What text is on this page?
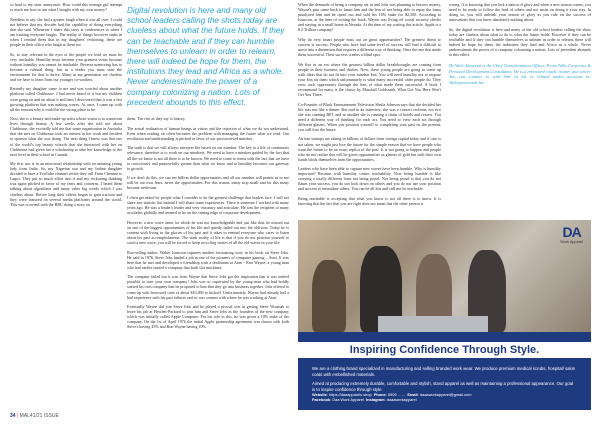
so hard to my utter annoyance. How could this teenage girl attempt to teach me how to use what I bought with my own money?

Needless to say, she had a greater laugh when it was all over. I could not believe that my decoder had the capability of doing everything that she said. Whenever I share this story at conferences or when I am training everyone laughs. The reality of things however sinks in when I remind them that in my daughters' reckoning, these are people in their office who laugh at them too.

So, to stay relevant in the eyes of the people we lead we must be very teachable. Humility must become your greatest virtue because without humility you cannot be teachable. Reverse mentoring has to become a cultural thing, but as a leader you must start the environment for that to thrive. Many in my generation are clueless and we have to learn from our younger co-workers.

Recently my daughter came to me and was worried about another platform called Clubhouse. I had never heard of it but my children were going on and on about it and then I discovered that it was a fast growing platform that was making waves. At once, I came up with all the reasons why it could be the wrong place to be.

Now, she is a beauty and make-up artist whose vision is to transform lives through beauty. A few weeks after she told me about Clubhouse, she excitedly told me that some organisation in Australia that she met on Clubhouse took an interest in her work and decided to sponsor what she was doing. The next thing I knew was that one of the world's top beauty schools that she interacted with her on Clubhouse had given her a scholarship to take her knowledge to the next level in their school in Canada.

My first son is in an interracial relationship with an amazing young lady from India. So, my Nigerian son and my Indian daughter decided to have a YouTube channel which they call From Chennai to Lagos. They put so much effort into it and my reckoning thinking was again pitched in favor of my fears and concerns. I heard them talking about algorithms and many other big words which I was clueless about. Before long their videos began to gain traction and they were featured on several media platforms around the world. This was crowned with the BBC doing a story on

Digital revolution is here and many old school leaders calling the shots today are clueless about what the future holds. If they can be teachable and if they can humble themselves to unlearn in order to relearn, there will indeed be hope for them, the institutions they lead and Africa as a whole. Never underestimate the power of a company colonizing a nation. Lots of precedent abounds to this effect.

them. The rest as they say is history.

The actual realisation of human beings in vision and the rejection of what we do not understand. Even when reading on often becomes the problem with managing the future what we read. Our revolution and understanding is pitched in favor of our preconceived mindset.

The truth is that we will always interpret life based on our mindset. The key to a life of continuous relevance, therefore is to work on our mindsets. We need to have a mindset guided by the fact that all the we know is not all there is to be known. We need to come to terms with the fact that we have to consciously and purposefully greater than what we know and to humility becomes our gateway to growth.

If we don't do this, we can see billion dollar opportunities and all our mindset will permit us to see will be our own fears, never the opportunities. For this reason, many stop small and for this many become irrelevant.

I often get asked by people what I consider to be the greatest challenge that leaders face. I will not share any statistic but instead I will share some experiences. There is someone I worked with many years ago. He was a leader's leader and very visionary and articulate. He was the recipient of many accolades globally and seemed to be on the cutting edge of corporate development.

However, a new wave came for which he was not knowledgeable and just like that, he missed out on one of the biggest opportunities of his life and quietly faded out into the oblivion. Today he is content with living in the glories of his past and it takes to remind everyone who cares to listen about his past accomplishments. The stark reality of life is that if you do not position yourself to catch a new wave, you will be forced to keep recycling stories of all the old waves in your life.

Box-selling author, Walter Isaacson captures another fascinating story in his book on Steve Jobs. He said in 1976, Steve Jobs landed a job at one of the pioneers of computer gaming – Atari. It was here that he met and developed a friendship with a draftsman at Atari - Ron Wayne, a young man who had earlier started a company that built slot machines.

The company failed but it was from Wayne that Steve Jobs got the inspiration that it was indeed possible to start your own company! Jobs was so captivated by the young man who had boldly started his own company that he proposed to him that they go into business together. Jobs offered to come up with borrowed cash of about $10,000 to kickoff. Unfortunately, Wayne had already had a bad experience with his past failures and so was content with where he was working at Atari.

Eventually Wayne did join Steve Jobs and he played a pivotal role in getting Steve Wozniak to leave his job at Hewlett-Packard to join him and Steve Jobs as the founders of the new company which was initially called Apple Computer. For his role in this, he was given a 10% stake of the company. On the 1st of April 1976 the initial Apple partnership agreement was drawn with both Steve's having 45% and Ron Wayne having 10%.

When the demands of being a company set in and Jobs was planning to borrow money, Wayne's past came back to haunt him and the fear of not being able to repay the loans paralyzed him and he opted out and sold his 10% stake for $2,300. According to Isaacson, at the time of writing the book, Wayne was living off social security checks and staying in a small home in Nevada. At the time of my writing this article, Apple is a $ 2 Trillion company!

Why do very smart people miss out on great opportunities? The greatest threat to success is success. People who have had some level of success will find it difficult to move into a dimension that requires a different way of thinking. Once the one that made them successful. Their success creates a blind spot.

We live in an era where the greatest billion dollar breakthroughs are coming from people in their twenties and thirties. Now, these young people are going to come up with ideas that do not fit into your mindset box. You will need humility not to impose your box on them which unfortunately is what many successful older people do. They view such opportunity through the lens of what made them successful. A book I recommend for many is the classic by Marshall Goldsmith, What Got You Here Won't Get You There.

Co-Founder of Black Entertainment Television Sheila Johnson says that she decided her life was not like a dinner. She said in an interview, she was a concert violinist, not two she was running BET and in another she is running a chain of hotels and resorts. You need a different way of thinking for each act. You need to view each act through different glasses. When you position yourself to completing your past on the present, you will lose the future.

African startups are raking in billions of dollars from foreign capital today and if care is not taken, we might just lose the future for the simple reason that we have people who want the future to be an exact replica of the past. It is not going to happen and people who do not realise this will be given opportunities as glasses of gold but with their own hands block themselves from the opportunities.

Leaders who have been able to capture new waves have been humble. Why is humility important? Because with humility comes teachability. Now being humble is like carrying a totally different form not being proud. Not being proud is that you do not flaunt your success, you do not look down on others and you do not use your position and success to intimidate others. You can be all this and still not be teachable.

Being teachable is accepting that what you know is not all there is to know. It is knowing that the fact that you are right does not mean that the other person is

wrong. It is knowing that you lack a nation of glory and when a new season comes, you need to be ready to follow the lead of others and not insist on doing it your way. In doing so, you will unleash your season of glory as you ride on the success of innovations that you knew absolutely nothing about.

So, the digital revolution is here and many of the old school leaders calling the shots today are clueless about what to do to what the future holds. However if they can be teachable and if they can humble themselves to unlearn in order to relearn, there will indeed be hope for them, the industries they lead and Africa as a whole. Never underestimate the power of a company colonizing a nation. Lots of precedent abounds to this effect.

Dr Wale Akinyemi is the Chief Transformation Officer, PowerTalks Corporate & Personal Development Consultants. He is a renowned coach, trainer and writer. You can connect to with him on his or related media accounts at: Walegreatwords Inc.
DA
Work Apparel
Inspiring Confidence Through Style.

We are a clothing brand specialized in manufacturing and selling branded work wear. We produce premium medical scrubs, hospital/ salon coats with embellished materials.

Aimed at producing extremely durable, comfortable and stylish, stand apparel as well as maintaining a professional appearance. Our goal is to inspire confidence through style.

Website: https://daaapparels.shop Phone: 0909 ... ... Email: daaaworkapparel@gmail.com
Facebook: Daa Work Apparel Instagram: daaaworkapparel
34 | MAL41/21 ISSUE
